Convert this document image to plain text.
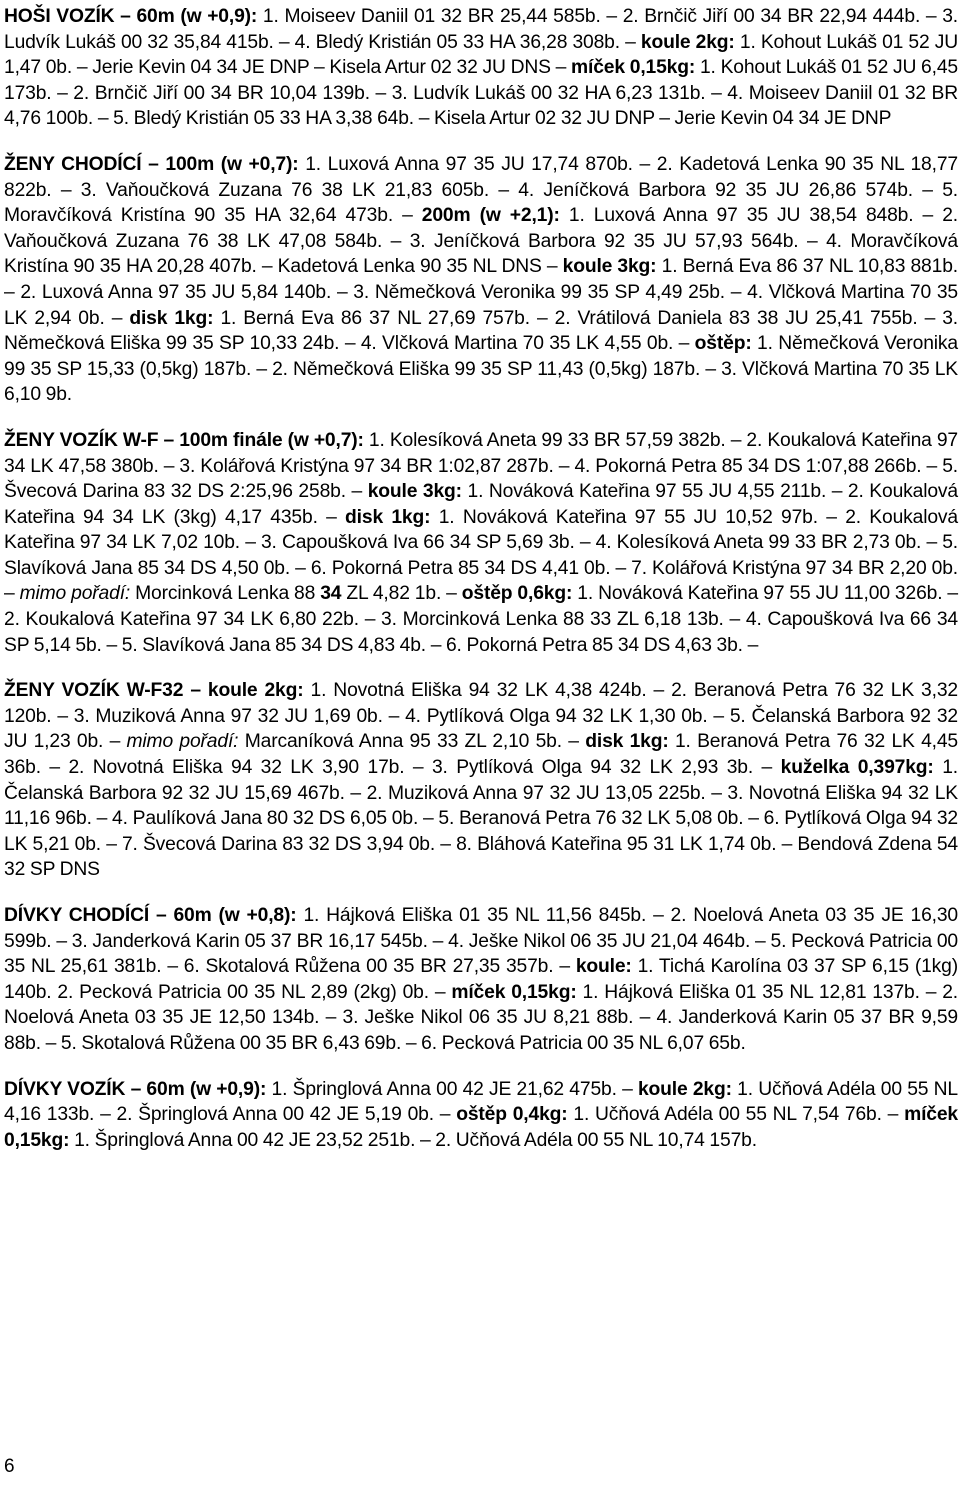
HOŠI VOZÍK – 60m (w +0,9): 1. Moiseev Daniil 01 32 BR 25,44 585b. – 2. Brnčič Jiří 00 34 BR 22,94 444b. – 3. Ludvík Lukáš 00 32 35,84 415b. – 4. Bledý Kristián 05 33 HA 36,28 308b. – koule 2kg: 1. Kohout Lukáš 01 52 JU 1,47 0b. – Jerie Kevin 04 34 JE DNP – Kisela Artur 02 32 JU DNS – míček 0,15kg: 1. Kohout Lukáš 01 52 JU 6,45 173b. – 2. Brnčič Jiří 00 34 BR 10,04 139b. – 3. Ludvík Lukáš 00 32 HA 6,23 131b. – 4. Moiseev Daniil 01 32 BR 4,76 100b. – 5. Bledý Kristián 05 33 HA 3,38 64b. – Kisela Artur 02 32 JU DNP – Jerie Kevin 04 34 JE DNP

ŽENY CHODÍCÍ – 100m (w +0,7): 1. Luxová Anna 97 35 JU 17,74 870b. – 2. Kadetová Lenka 90 35 NL 18,77 822b. – 3. Vaňoučková Zuzana 76 38 LK 21,83 605b. – 4. Jeníčková Barbora 92 35 JU 26,86 574b. – 5. Moravčíková Kristína 90 35 HA 32,64 473b. – 200m (w +2,1): 1. Luxová Anna 97 35 JU 38,54 848b. – 2. Vaňoučková Zuzana 76 38 LK 47,08 584b. – 3. Jeníčková Barbora 92 35 JU 57,93 564b. – 4. Moravčíková Kristína 90 35 HA 20,28 407b. – Kadetová Lenka 90 35 NL DNS – koule 3kg: 1. Berná Eva 86 37 NL 10,83 881b. – 2. Luxová Anna 97 35 JU 5,84 140b. – 3. Němečková Veronika 99 35 SP 4,49 25b. – 4. Vlčková Martina 70 35 LK 2,94 0b. – disk 1kg: 1. Berná Eva 86 37 NL 27,69 757b. – 2. Vrátilová Daniela 83 38 JU 25,41 755b. – 3. Němečková Eliška 99 35 SP 10,33 24b. – 4. Vlčková Martina 70 35 LK 4,55 0b. – oštěp: 1. Němečková Veronika 99 35 SP 15,33 (0,5kg) 187b. – 2. Němečková Eliška 99 35 SP 11,43 (0,5kg) 187b. – 3. Vlčková Martina 70 35 LK 6,10 9b.

ŽENY VOZÍK W-F – 100m finále (w +0,7): 1. Kolesíková Aneta 99 33 BR 57,59 382b. – 2. Koukalová Kateřina 97 34 LK 47,58 380b. – 3. Kolářová Kristýna 97 34 BR 1:02,87 287b. – 4. Pokorná Petra 85 34 DS 1:07,88 266b. – 5. Švecová Darina 83 32 DS 2:25,96 258b. – koule 3kg: 1. Nováková Kateřina 97 55 JU 4,55 211b. – 2. Koukalová Kateřina 94 34 LK (3kg) 4,17 435b. – disk 1kg: 1. Nováková Kateřina 97 55 JU 10,52 97b. – 2. Koukalová Kateřina 97 34 LK 7,02 10b. – 3. Capoušková Iva 66 34 SP 5,69 3b. – 4. Kolesíková Aneta 99 33 BR 2,73 0b. – 5. Slavíková Jana 85 34 DS 4,50 0b. – 6. Pokorná Petra 85 34 DS 4,41 0b. – 7. Kolářová Kristýna 97 34 BR 2,20 0b. – mimo pořadí: Morcinková Lenka 88 34 ZL 4,82 1b. – oštěp 0,6kg: 1. Nováková Kateřina 97 55 JU 11,00 326b. – 2. Koukalová Kateřina 97 34 LK 6,80 22b. – 3. Morcinková Lenka 88 33 ZL 6,18 13b. – 4. Capoušková Iva 66 34 SP 5,14 5b. – 5. Slavíková Jana 85 34 DS 4,83 4b. – 6. Pokorná Petra 85 34 DS 4,63 3b. –

ŽENY VOZÍK W-F32 – koule 2kg: 1. Novotná Eliška 94 32 LK 4,38 424b. – 2. Beranová Petra 76 32 LK 3,32 120b. – 3. Muziková Anna 97 32 JU 1,69 0b. – 4. Pytlíková Olga 94 32 LK 1,30 0b. – 5. Čelanská Barbora 92 32 JU 1,23 0b. – mimo pořadí: Marcaníková Anna 95 33 ZL 2,10 5b. – disk 1kg: 1. Beranová Petra 76 32 LK 4,45 36b. – 2. Novotná Eliška 94 32 LK 3,90 17b. – 3. Pytlíková Olga 94 32 LK 2,93 3b. – kuželka 0,397kg: 1. Čelanská Barbora 92 32 JU 15,69 467b. – 2. Muziková Anna 97 32 JU 13,05 225b. – 3. Novotná Eliška 94 32 LK 11,16 96b. – 4. Paulíková Jana 80 32 DS 6,05 0b. – 5. Beranová Petra 76 32 LK 5,08 0b. – 6. Pytlíková Olga 94 32 LK 5,21 0b. – 7. Švecová Darina 83 32 DS 3,94 0b. – 8. Bláhová Kateřina 95 31 LK 1,74 0b. – Bendová Zdena 54 32 SP DNS

DÍVKY CHODÍCÍ – 60m (w +0,8): 1. Hájková Eliška 01 35 NL 11,56 845b. – 2. Noelová Aneta 03 35 JE 16,30 599b. – 3. Janderková Karin 05 37 BR 16,17 545b. – 4. Ješke Nikol 06 35 JU 21,04 464b. – 5. Pecková Patricia 00 35 NL 25,61 381b. – 6. Skotalová Růžena 00 35 BR 27,35 357b. – koule: 1. Tichá Karolína 03 37 SP 6,15 (1kg) 140b. 2. Pecková Patricia 00 35 NL 2,89 (2kg) 0b. – míček 0,15kg: 1. Hájková Eliška 01 35 NL 12,81 137b. – 2. Noelová Aneta 03 35 JE 12,50 134b. – 3. Ješke Nikol 06 35 JU 8,21 88b. – 4. Janderková Karin 05 37 BR 9,59 88b. – 5. Skotalová Růžena 00 35 BR 6,43 69b. – 6. Pecková Patricia 00 35 NL 6,07 65b.

DÍVKY VOZÍK – 60m (w +0,9): 1. Špringlová Anna 00 42 JE 21,62 475b. – koule 2kg: 1. Učňová Adéla 00 55 NL 4,16 133b. – 2. Špringlová Anna 00 42 JE 5,19 0b. – oštěp 0,4kg: 1. Učňová Adéla 00 55 NL 7,54 76b. – míček 0,15kg: 1. Špringlová Anna 00 42 JE 23,52 251b. – 2. Učňová Adéla 00 55 NL 10,74 157b.

6
